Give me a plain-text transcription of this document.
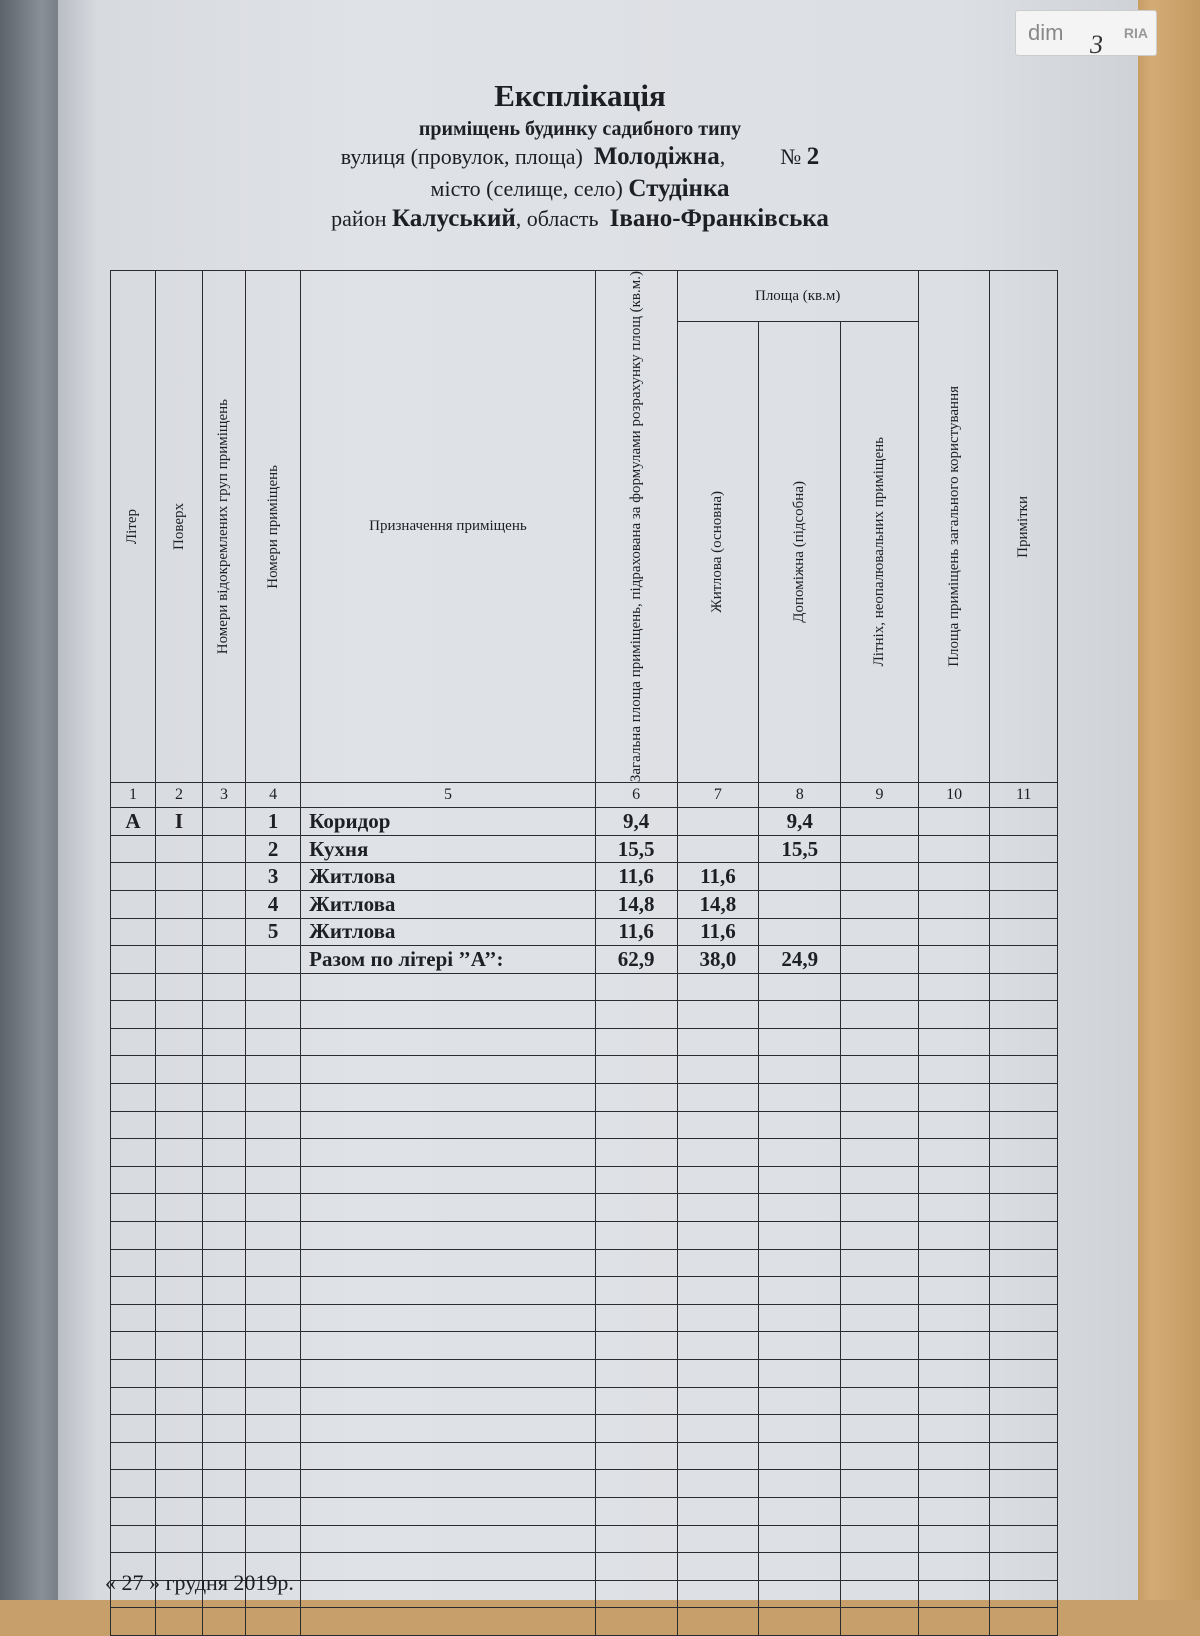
dim	RIA
3
Експлікація
приміщень будинку садибного типу
вулиця (провулок, площа) Молодіжна,          № 2
місто (селище, село) Студінка
район Калуський, область Івано-Франківська
Літер	Поверх	Номери відокремлених груп приміщень	Номери приміщень	Призначення приміщень	Загальна площа приміщень, підрахована за формулами розрахунку площ (кв.м.)	Площа (кв.м)			Площа приміщень загального користування	Примітки

						Житлова (основна)	Допоміжна (підсобна)	Літніх, неопалювальних приміщень		

1	2	3	4	5	6	7	8	9	10	11
А	І		1	Коридор	9,4		9,4			
			2	Кухня	15,5		15,5			
			3	Житлова	11,6	11,6				
			4	Житлова	14,8	14,8				
			5	Житлова	11,6	11,6				
				Разом по літері ’’А’’:	62,9	38,0	24,9			

« 27 » грудня 2019р.
